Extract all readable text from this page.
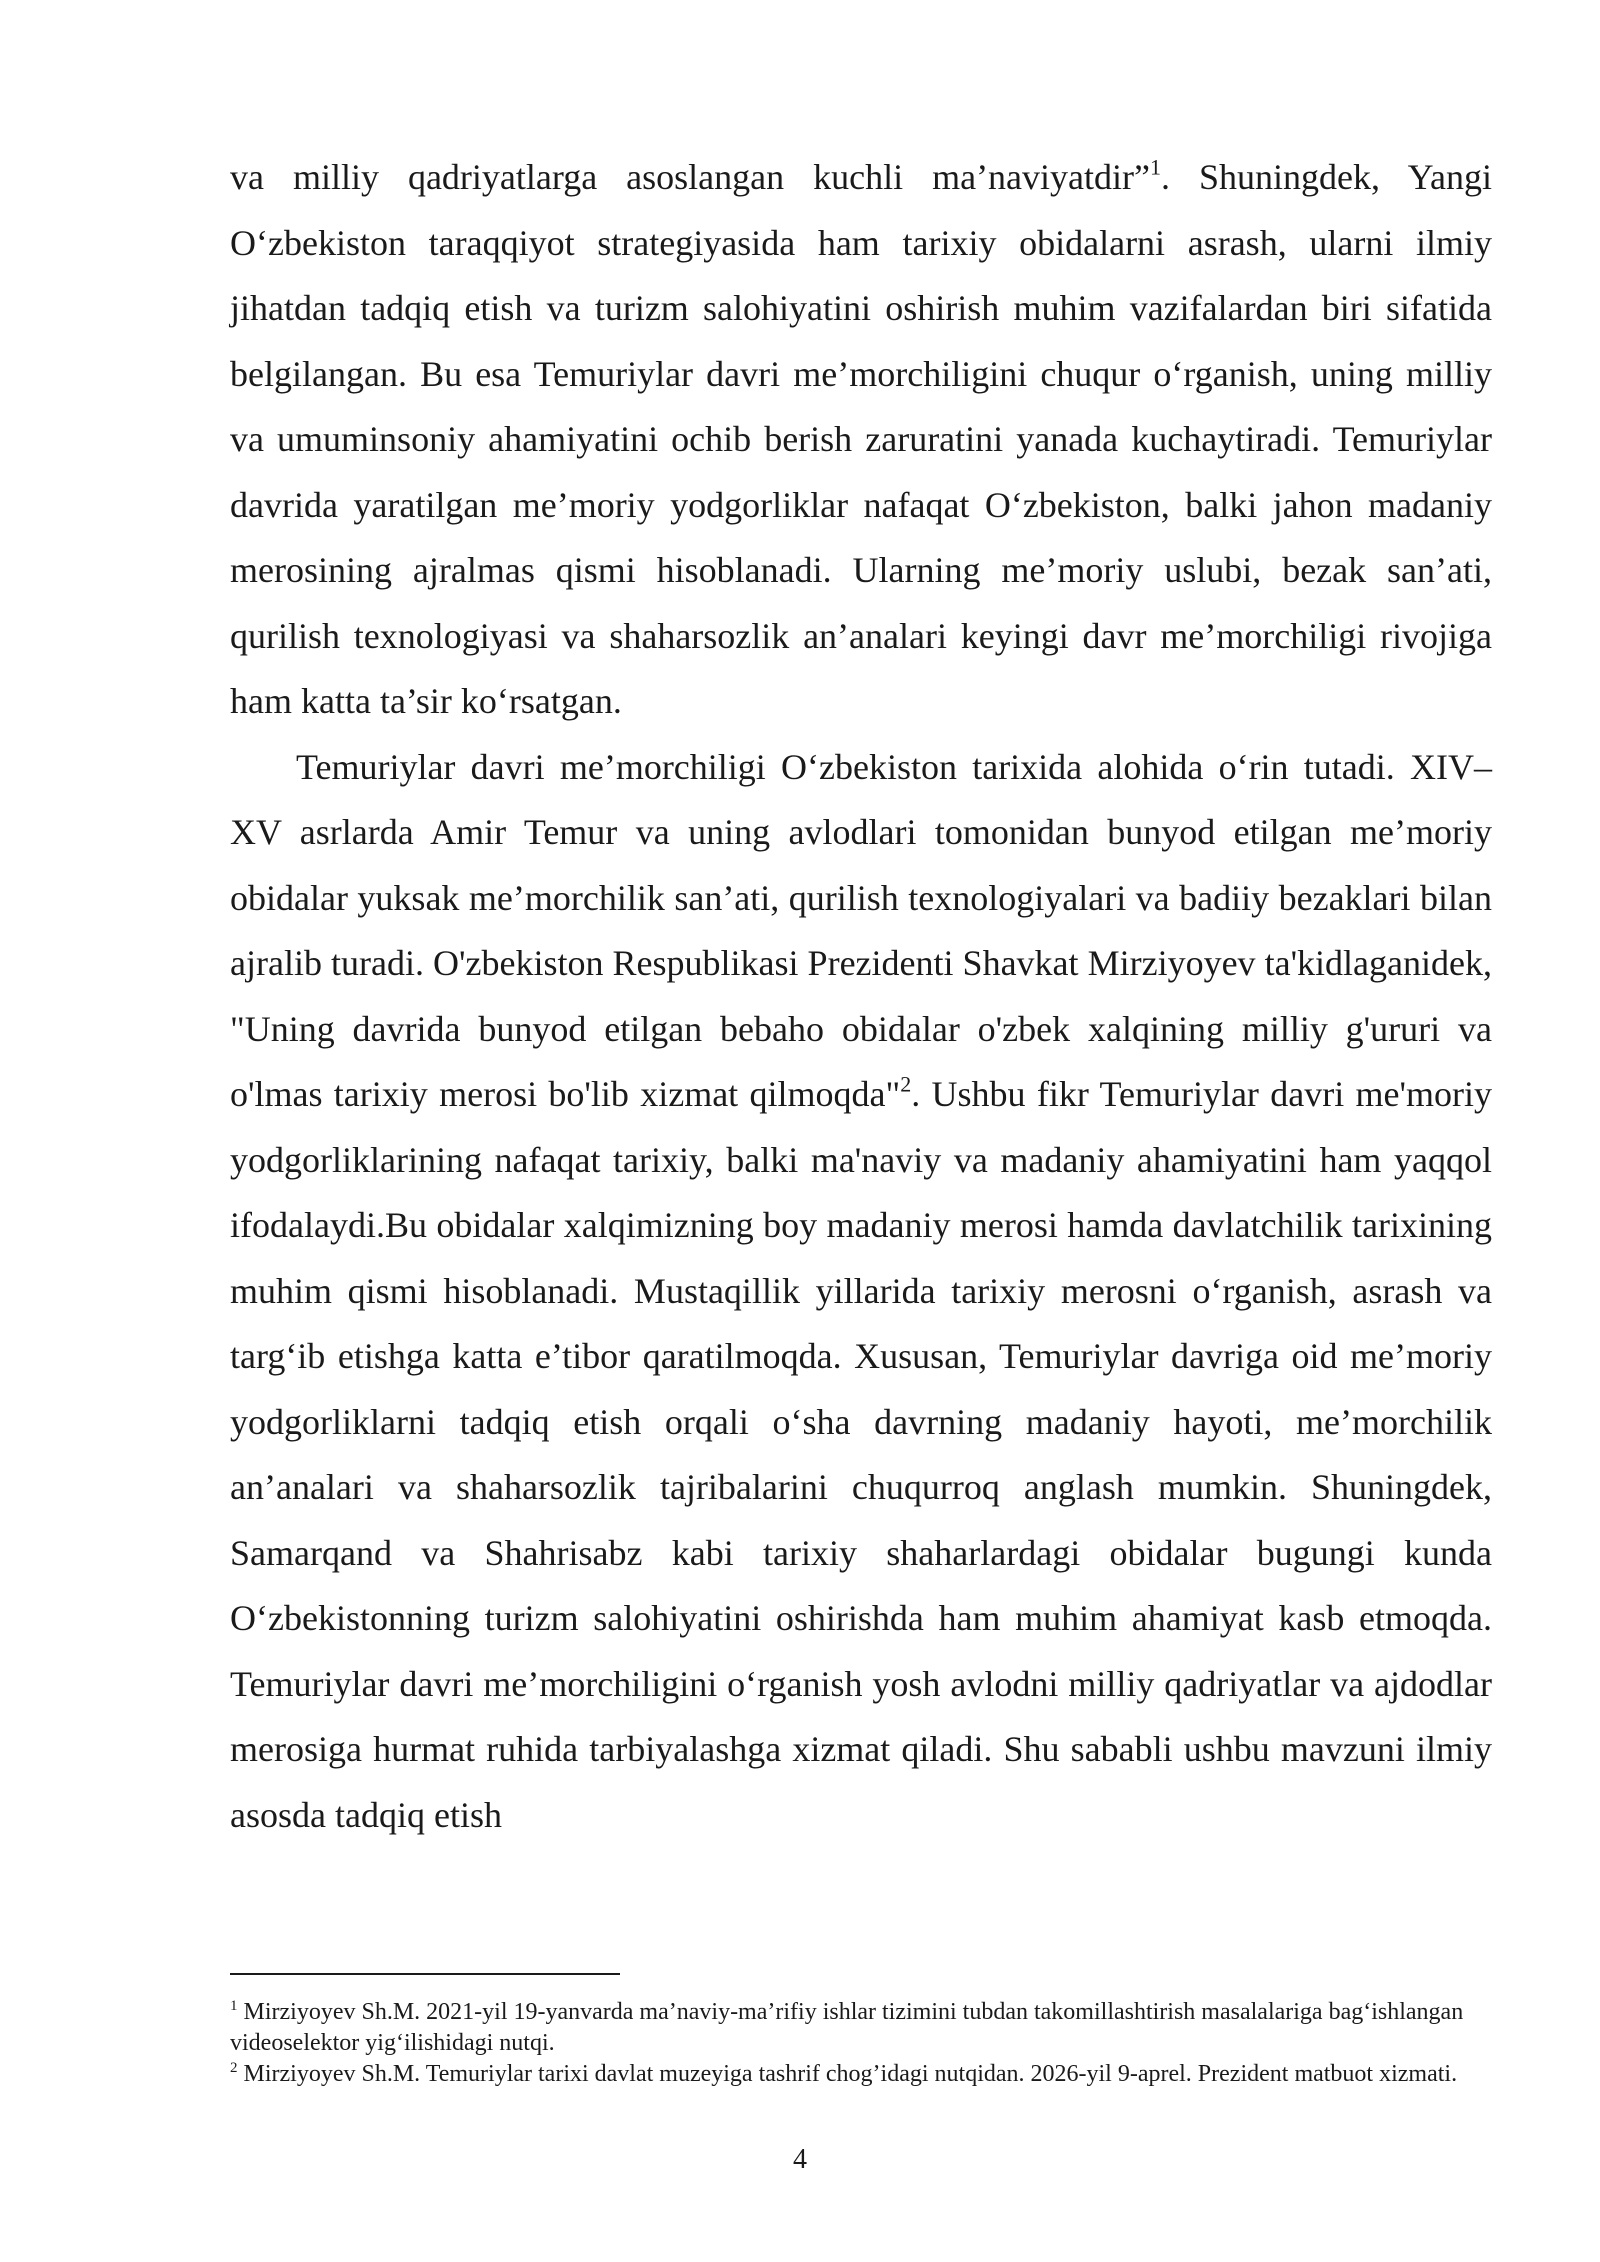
va milliy qadriyatlarga asoslangan kuchli ma’naviyatdir”$^1$. Shuningdek, Yangi O‘zbekiston taraqqiyot strategiyasida ham tarixiy obidalarni asrash, ularni ilmiy jihatdan tadqiq etish va turizm salohiyatini oshirish muhim vazifalardan biri sifatida belgilangan. Bu esa Temuriylar davri me’morchiligini chuqur o‘rganish, uning milliy va umuminsoniy ahamiyatini ochib berish zaruratini yanada kuchaytiradi. Temuriylar davrida yaratilgan me’moriy yodgorliklar nafaqat O‘zbekiston, balki jahon madaniy merosining ajralmas qismi hisoblanadi. Ularning me’moriy uslubi, bezak san’ati, qurilish texnologiyasi va shaharsozlik an’analari keyingi davr me’morchiligi rivojiga ham katta ta’sir ko‘rsatgan.

Temuriylar davri me’morchiligi O‘zbekiston tarixida alohida o‘rin tutadi. XIV–XV asrlarda Amir Temur va uning avlodlari tomonidan bunyod etilgan me’moriy obidalar yuksak me’morchilik san’ati, qurilish texnologiyalari va badiiy bezaklari bilan ajralib turadi. O'zbekiston Respublikasi Prezidenti Shavkat Mirziyoyev ta'kidlaganidek, "Uning davrida bunyod etilgan bebaho obidalar o'zbek xalqining milliy g'ururi va o'lmas tarixiy merosi bo'lib xizmat qilmoqda"$^2$. Ushbu fikr Temuriylar davri me'moriy yodgorliklarining nafaqat tarixiy, balki ma'naviy va madaniy ahamiyatini ham yaqqol ifodalaydi.Bu obidalar xalqimizning boy madaniy merosi hamda davlatchilik tarixining muhim qismi hisoblanadi. Mustaqillik yillarida tarixiy merosni o‘rganish, asrash va targ‘ib etishga katta e’tibor qaratilmoqda. Xususan, Temuriylar davriga oid me’moriy yodgorliklarni tadqiq etish orqali o‘sha davrning madaniy hayoti, me’morchilik an’analari va shaharsozlik tajribalarini chuqurroq anglash mumkin. Shuningdek, Samarqand va Shahrisabz kabi tarixiy shaharlardagi obidalar bugungi kunda O‘zbekistonning turizm salohiyatini oshirishda ham muhim ahamiyat kasb etmoqda. Temuriylar davri me’morchiligini o‘rganish yosh avlodni milliy qadriyatlar va ajdodlar merosiga hurmat ruhida tarbiyalashga xizmat qiladi. Shu sababli ushbu mavzuni ilmiy asosda tadqiq etish

$^1$ Mirziyoyev Sh.M. 2021-yil 19-yanvarda ma’naviy-ma’rifiy ishlar tizimini tubdan takomillashtirish masalalariga bag‘ishlangan videoselektor yig‘ilishidagi nutqi.

$^2$ Mirziyoyev Sh.M. Temuriylar tarixi davlat muzeyiga tashrif chog’idagi nutqidan. 2026-yil 9-aprel. Prezident matbuot xizmati.

4
